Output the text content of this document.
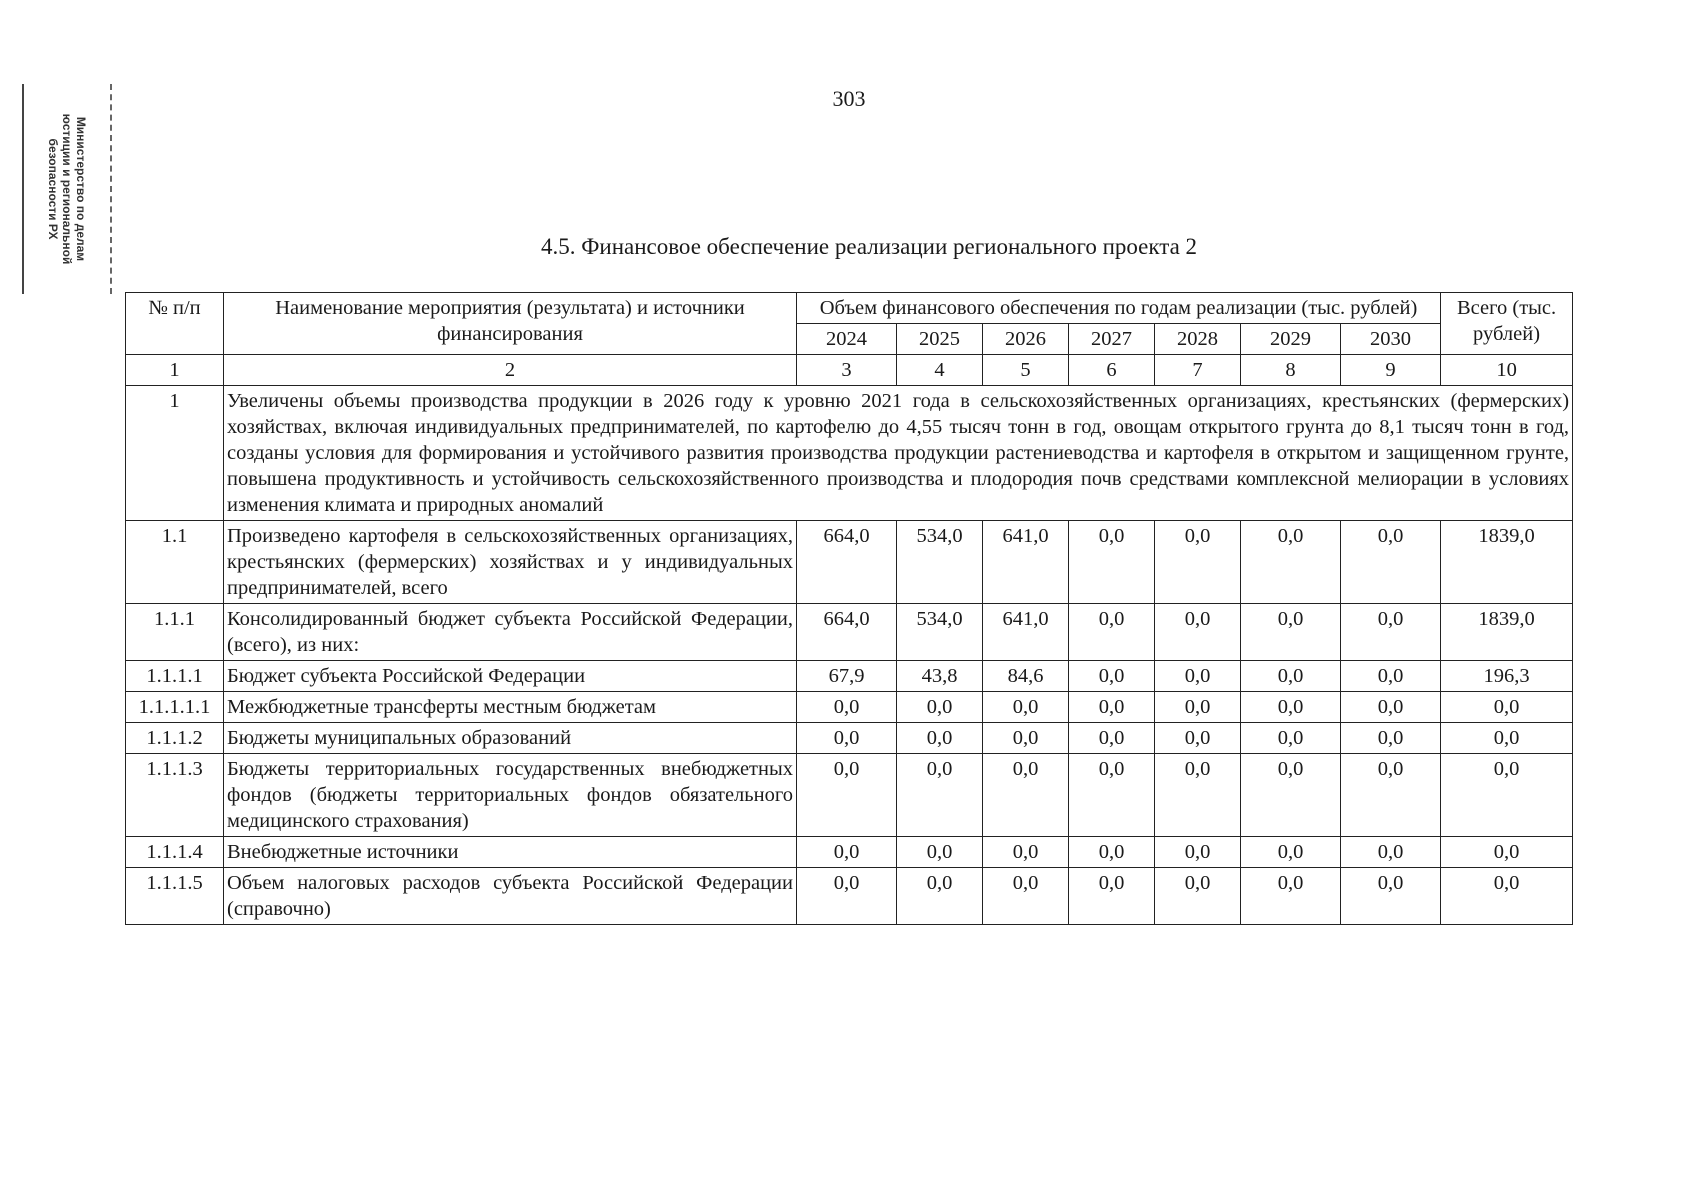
Министерство по делам
юстиции и региональной
безопасности РХ
303
4.5. Финансовое обеспечение реализации регионального проекта 2
№ п/п	Наименование мероприятия (результата) и источники финансирования	Объем финансового обеспечения по годам реализации (тыс. рублей)							Всего (тыс. рублей)
		2024	2025	2026	2027	2028	2029	2030	
1	2	3	4	5	6	7	8	9	10
1	Увеличены объемы производства продукции в 2026 году к уровню 2021 года в сельскохозяйственных организациях, крестьянских (фермерских) хозяйствах, включая индивидуальных предпринимателей, по картофелю до 4,55 тысяч тонн в год, овощам открытого грунта до 8,1 тысяч тонн в год, созданы условия для формирования и устойчивого развития производства продукции растениеводства и картофеля в открытом и защищенном грунте, повышена продуктивность и устойчивость сельскохозяйственного производства и плодородия почв средствами комплексной мелиорации в условиях изменения климата и природных аномалий								
1.1	Произведено картофеля в сельскохозяйственных организациях, крестьянских (фермерских) хозяйствах и у индивидуальных предпринимателей, всего	664,0	534,0	641,0	0,0	0,0	0,0	0,0	1839,0
1.1.1	Консолидированный бюджет субъекта Российской Федерации, (всего), из них:	664,0	534,0	641,0	0,0	0,0	0,0	0,0	1839,0
1.1.1.1	Бюджет субъекта Российской Федерации	67,9	43,8	84,6	0,0	0,0	0,0	0,0	196,3
1.1.1.1.1	Межбюджетные трансферты местным бюджетам	0,0	0,0	0,0	0,0	0,0	0,0	0,0	0,0
1.1.1.2	Бюджеты муниципальных образований	0,0	0,0	0,0	0,0	0,0	0,0	0,0	0,0
1.1.1.3	Бюджеты территориальных государственных внебюджетных фондов (бюджеты территориальных фондов обязательного медицинского страхования)	0,0	0,0	0,0	0,0	0,0	0,0	0,0	0,0
1.1.1.4	Внебюджетные источники	0,0	0,0	0,0	0,0	0,0	0,0	0,0	0,0
1.1.1.5	Объем налоговых расходов субъекта Российской Федерации (справочно)	0,0	0,0	0,0	0,0	0,0	0,0	0,0	0,0
